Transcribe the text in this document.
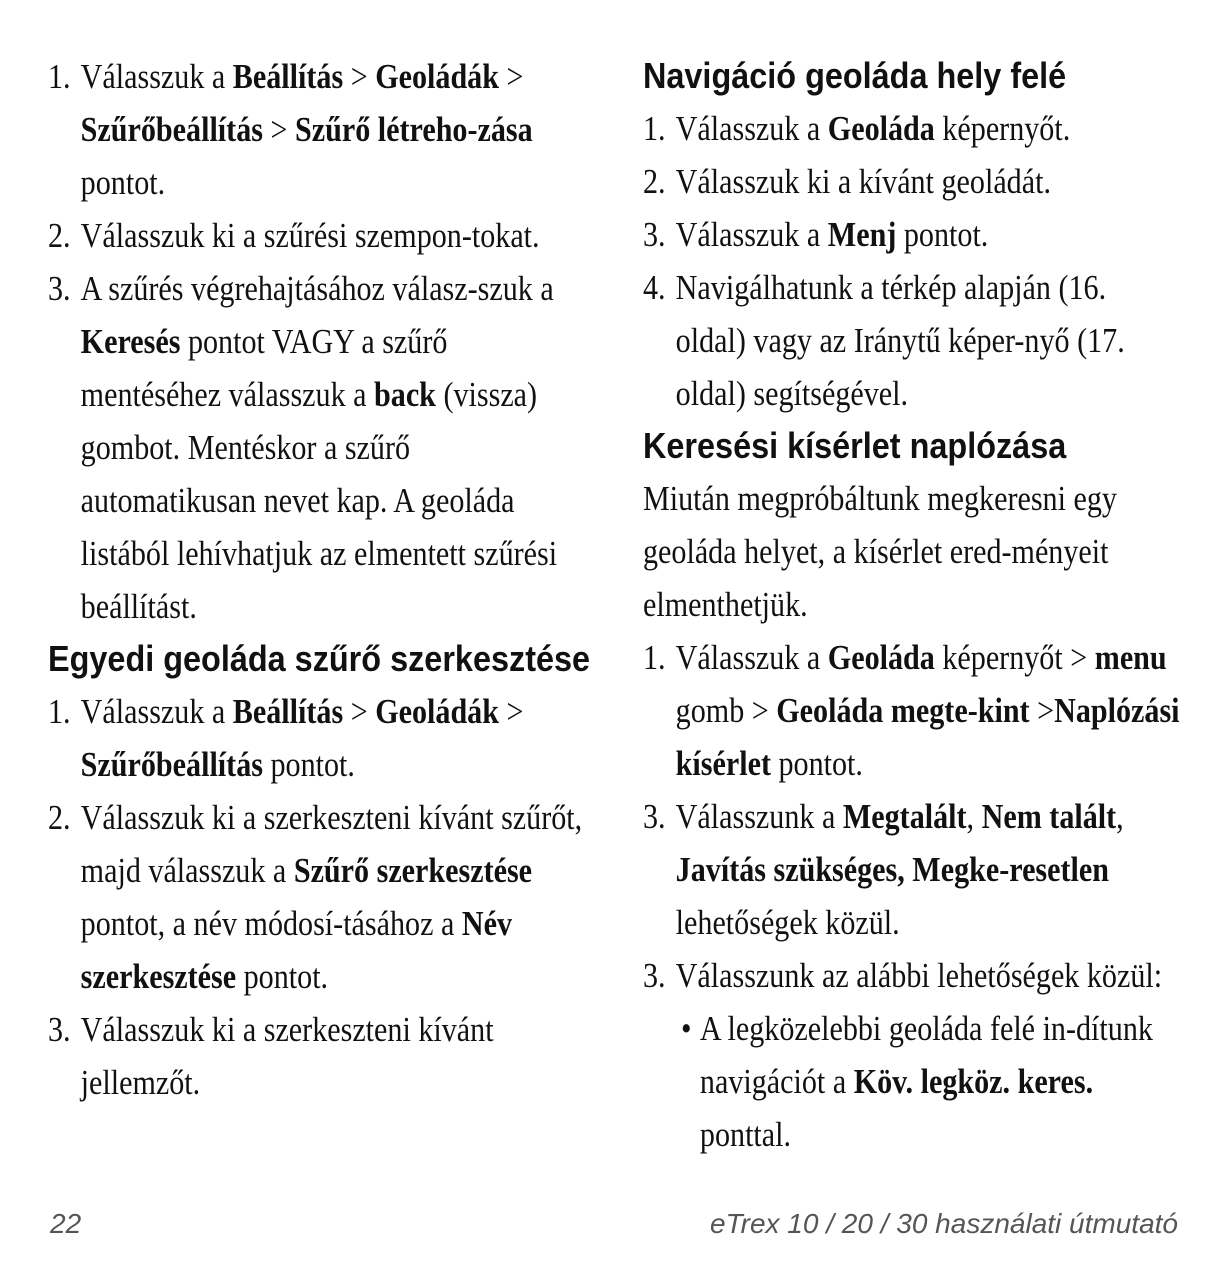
1. Válasszuk a Beállítás > Geoládák > Szűrőbeállítás > Szűrő létreho-zása pontot.
2. Válasszuk ki a szűrési szempon-tokat.
3. A szűrés végrehajtásához válasz-szuk a Keresés pontot VAGY a szűrő mentéséhez válasszuk a back (vissza) gombot. Mentéskor a szűrő automatikusan nevet kap. A geoláda listából lehívhatjuk az elmentett szűrési beállítást.
Egyedi geoláda szűrő szerkesztése
1. Válasszuk a Beállítás > Geoládák > Szűrőbeállítás pontot.
2. Válasszuk ki a szerkeszteni kívánt szűrőt, majd válasszuk a Szűrő szerkesztése pontot, a név módosí-tásához a Név szerkesztése pontot.
3. Válasszuk ki a szerkeszteni kívánt jellemzőt.
Navigáció geoláda hely felé
1. Válasszuk a Geoláda képernyőt.
2. Válasszuk ki a kívánt geoládát.
3. Válasszuk a Menj pontot.
4. Navigálhatunk a térkép alapján (16. oldal) vagy az Iránytű képer-nyő (17. oldal) segítségével.
Keresési kísérlet naplózása
Miután megpróbáltunk megkeresni egy geoláda helyet, a kísérlet ered-ményeit elmenthetjük.
1. Válasszuk a Geoláda képernyőt > menu gomb > Geoláda megte-kint >Naplózási kísérlet pontot.
3. Válasszunk a Megtalált, Nem talált, Javítás szükséges, Megke-resetlen lehetőségek közül.
3. Válasszunk az alábbi lehetőségek közül:
• A legközelebbi geoláda felé in-dítunk navigációt a Köv. legköz. keres. ponttal.
22	eTrex 10 / 20 / 30 használati útmutató
